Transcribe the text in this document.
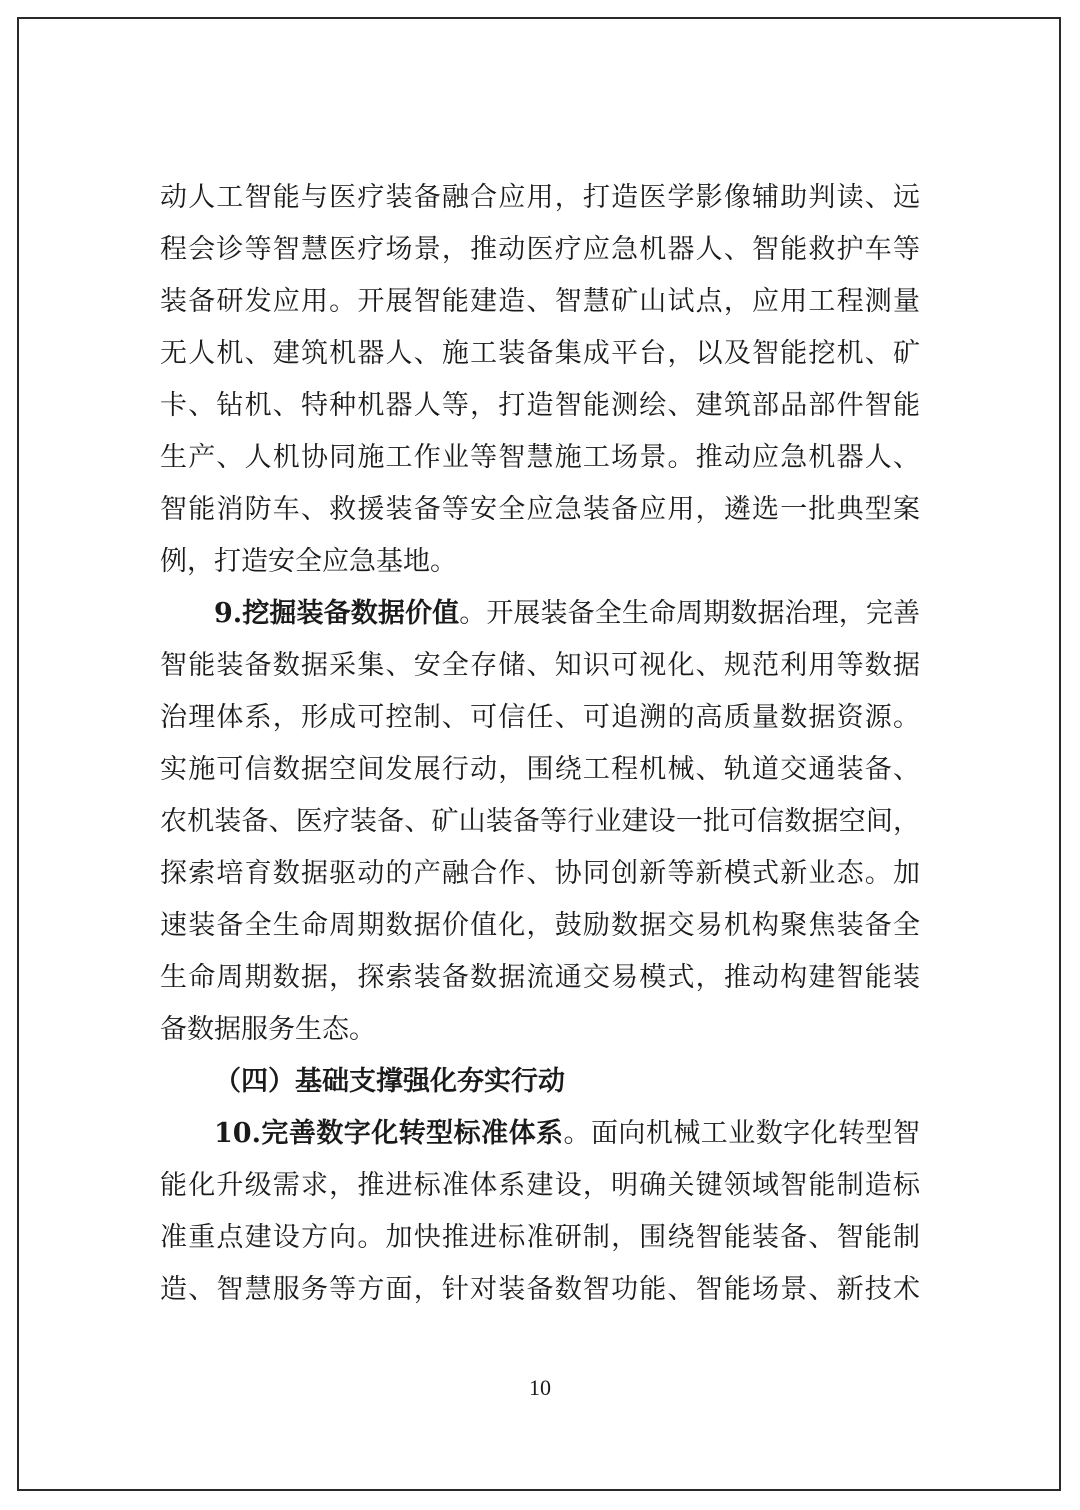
动人工智能与医疗装备融合应用，打造医学影像辅助判读、远
程会诊等智慧医疗场景，推动医疗应急机器人、智能救护车等
装备研发应用。开展智能建造、智慧矿山试点，应用工程测量
无人机、建筑机器人、施工装备集成平台，以及智能挖机、矿
卡、钻机、特种机器人等，打造智能测绘、建筑部品部件智能
生产、人机协同施工作业等智慧施工场景。推动应急机器人、
智能消防车、救援装备等安全应急装备应用，遴选一批典型案
例，打造安全应急基地。
9.挖掘装备数据价值。开展装备全生命周期数据治理，完善
智能装备数据采集、安全存储、知识可视化、规范利用等数据
治理体系，形成可控制、可信任、可追溯的高质量数据资源。
实施可信数据空间发展行动，围绕工程机械、轨道交通装备、
农机装备、医疗装备、矿山装备等行业建设一批可信数据空间，
探索培育数据驱动的产融合作、协同创新等新模式新业态。加
速装备全生命周期数据价值化，鼓励数据交易机构聚焦装备全
生命周期数据，探索装备数据流通交易模式，推动构建智能装
备数据服务生态。
（四）基础支撑强化夯实行动
10.完善数字化转型标准体系。面向机械工业数字化转型智
能化升级需求，推进标准体系建设，明确关键领域智能制造标
准重点建设方向。加快推进标准研制，围绕智能装备、智能制
造、智慧服务等方面，针对装备数智功能、智能场景、新技术
10
